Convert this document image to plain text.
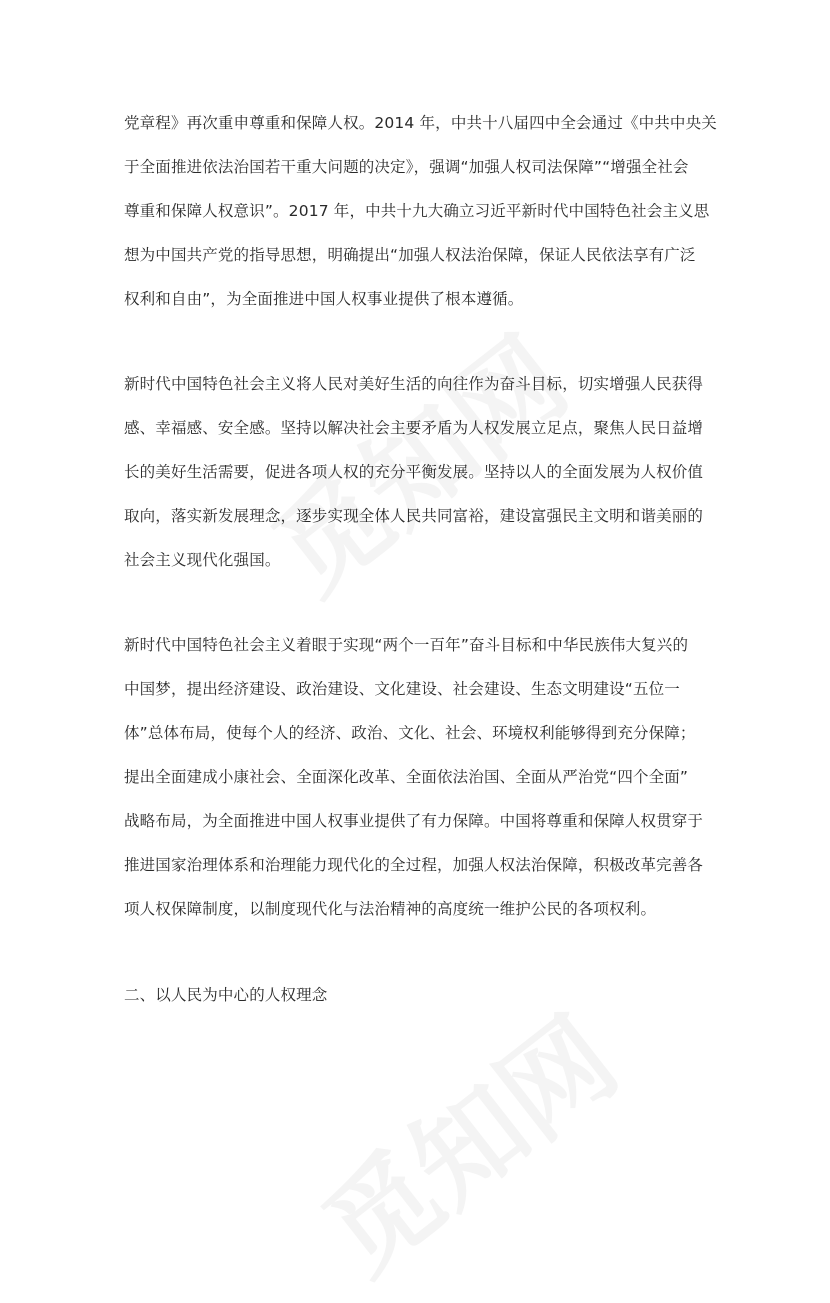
党章程》再次重申尊重和保障人权。2014 年，中共十八届四中全会通过《中共中央关
于全面推进依法治国若干重大问题的决定》，强调“加强人权司法保障”“增强全社会
尊重和保障人权意识”。2017 年，中共十九大确立习近平新时代中国特色社会主义思
想为中国共产党的指导思想，明确提出“加强人权法治保障，保证人民依法享有广泛
权利和自由”，为全面推进中国人权事业提供了根本遵循。
新时代中国特色社会主义将人民对美好生活的向往作为奋斗目标，切实增强人民获得
感、幸福感、安全感。坚持以解决社会主要矛盾为人权发展立足点，聚焦人民日益增
长的美好生活需要，促进各项人权的充分平衡发展。坚持以人的全面发展为人权价值
取向，落实新发展理念，逐步实现全体人民共同富裕，建设富强民主文明和谐美丽的
社会主义现代化强国。
新时代中国特色社会主义着眼于实现“两个一百年”奋斗目标和中华民族伟大复兴的
中国梦，提出经济建设、政治建设、文化建设、社会建设、生态文明建设“五位一
体”总体布局，使每个人的经济、政治、文化、社会、环境权利能够得到充分保障；
提出全面建成小康社会、全面深化改革、全面依法治国、全面从严治党“四个全面”
战略布局，为全面推进中国人权事业提供了有力保障。中国将尊重和保障人权贯穿于
推进国家治理体系和治理能力现代化的全过程，加强人权法治保障，积极改革完善各
项人权保障制度，以制度现代化与法治精神的高度统一维护公民的各项权利。
二、以人民为中心的人权理念
